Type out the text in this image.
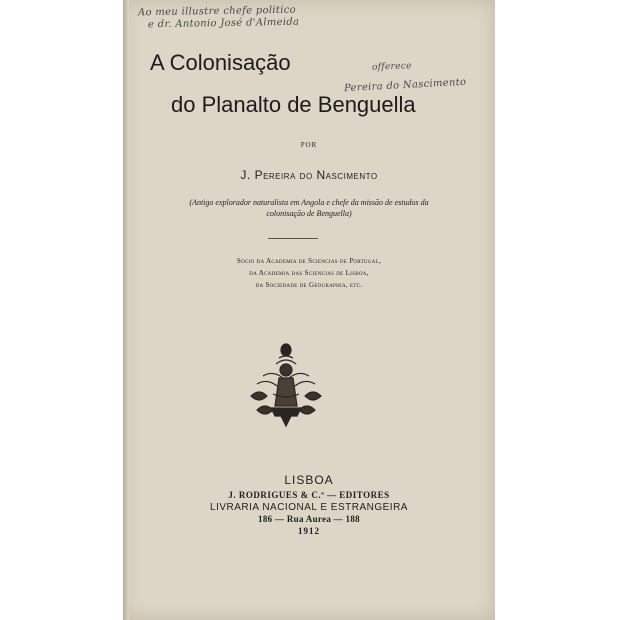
Ao meu illustre chefe politico
e dr. Antonio José d'Almeida
offerece
Pereira do Nascimento
A Colonisação
do Planalto de Benguella
POR
J. Pereira do Nascimento
(Antigo explorador naturalista em Angola e chefe da missão de estudos da colonisação de Benguella)
Socio da Academia de Sciencias de Portugal,
da Academia das Sciencias de Lisboa,
da Sociedade de Geographia, etc.
LISBOA
J. RODRIGUES & C.ª — EDITORES
LIVRARIA NACIONAL E ESTRANGEIRA
186 — Rua Aurea — 188
1912
